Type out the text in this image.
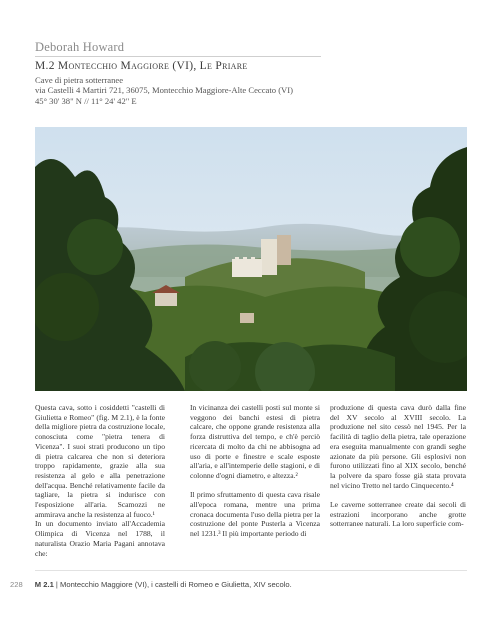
Deborah Howard
M.2 Montecchio Maggiore (VI), Le Priare
Cave di pietra sotterranee
via Castelli 4 Martiri 721, 36075, Montecchio Maggiore-Alte Ceccato (VI)
45° 30' 38" N // 11° 24' 42" E

Questa cava, sotto i cosiddetti "castelli di Giulietta e Romeo" (fig. M 2.1), è la fonte della migliore pietra da costruzione locale, conosciuta come "pietra tenera di Vicenza". I suoi strati producono un tipo di pietra calcarea che non si deteriora troppo rapidamente, grazie alla sua resistenza al gelo e alla penetrazione dell'acqua. Benché relativamente facile da tagliare, la pietra si indurisce con l'esposizione all'aria. Scamozzi ne ammirava anche la resistenza al fuoco.¹

In un documento inviato all'Accademia Olimpica di Vicenza nel 1788, il naturalista Orazio Maria Pagani annotava che:

In vicinanza dei castelli posti sul monte si veggono dei banchi estesi di pietra calcare, che oppone grande resistenza alla forza distruttiva del tempo, e ch'è perciò ricercata di molto da chi ne abbisogna ad uso di porte e finestre e scale esposte all'aria, e all'intemperie delle stagioni, e di colonne d'ogni diametro, e altezza.²

Il primo sfruttamento di questa cava risale all'epoca romana, mentre una prima cronaca documenta l'uso della pietra per la costruzione del ponte Pusterla a Vicenza nel 1231.³ Il più importante periodo di

produzione di questa cava durò dalla fine del XV secolo al XVIII secolo. La produzione nel sito cessò nel 1945. Per la facilità di taglio della pietra, tale operazione era eseguita manualmente con grandi seghe azionate da più persone. Gli esplosivi non furono utilizzati fino al XIX secolo, benché la polvere da sparo fosse già stata provata nel vicino Tretto nel tardo Cinquecento.⁴

Le caverne sotterranee create dai secoli di estrazioni incorporano anche grotte sotterranee naturali. La loro superficie com-

228 M 2.1 | Montecchio Maggiore (VI), i castelli di Romeo e Giulietta, XIV secolo.
